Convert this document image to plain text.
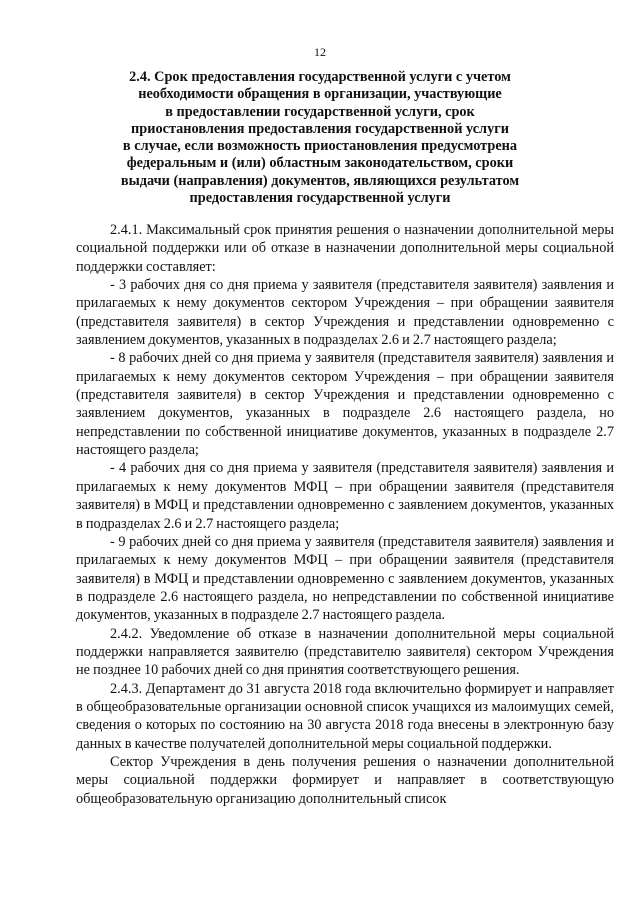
12
2.4. Срок предоставления государственной услуги с учетом
необходимости обращения в организации, участвующие
в предоставлении государственной услуги, срок
приостановления предоставления государственной услуги
в случае, если возможность приостановления предусмотрена
федеральным и (или) областным законодательством, сроки
выдачи (направления) документов, являющихся результатом
предоставления государственной услуги

2.4.1. Максимальный срок принятия решения о назначении дополнительной меры социальной поддержки или об отказе в назначении дополнительной меры социальной поддержки составляет:

- 3 рабочих дня со дня приема у заявителя (представителя заявителя) заявления и прилагаемых к нему документов сектором Учреждения – при обращении заявителя (представителя заявителя) в сектор Учреждения и представлении одновременно с заявлением документов, указанных в подразделах 2.6 и 2.7 настоящего раздела;

- 8 рабочих дней со дня приема у заявителя (представителя заявителя) заявления и прилагаемых к нему документов сектором Учреждения – при обращении заявителя (представителя заявителя) в сектор Учреждения и представлении одновременно с заявлением документов, указанных в подразделе 2.6 настоящего раздела, но непредставлении по собственной инициативе документов, указанных в подразделе 2.7 настоящего раздела;

- 4 рабочих дня со дня приема у заявителя (представителя заявителя) заявления и прилагаемых к нему документов МФЦ – при обращении заявителя (представителя заявителя) в МФЦ и представлении одновременно с заявлением документов, указанных в подразделах 2.6 и 2.7 настоящего раздела;

- 9 рабочих дней со дня приема у заявителя (представителя заявителя) заявления и прилагаемых к нему документов МФЦ – при обращении заявителя (представителя заявителя) в МФЦ и представлении одновременно с заявлением документов, указанных в подразделе 2.6 настоящего раздела, но непредставлении по собственной инициативе документов, указанных в подразделе 2.7 настоящего раздела.

2.4.2. Уведомление об отказе в назначении дополнительной меры социальной поддержки направляется заявителю (представителю заявителя) сектором Учреждения не позднее 10 рабочих дней со дня принятия соответствующего решения.

2.4.3. Департамент до 31 августа 2018 года включительно формирует и направляет в общеобразовательные организации основной список учащихся из малоимущих семей, сведения о которых по состоянию на 30 августа 2018 года внесены в электронную базу данных в качестве получателей дополнительной меры социальной поддержки.

Сектор Учреждения в день получения решения о назначении дополнительной меры социальной поддержки формирует и направляет в соответствующую общеобразовательную организацию дополнительный список
